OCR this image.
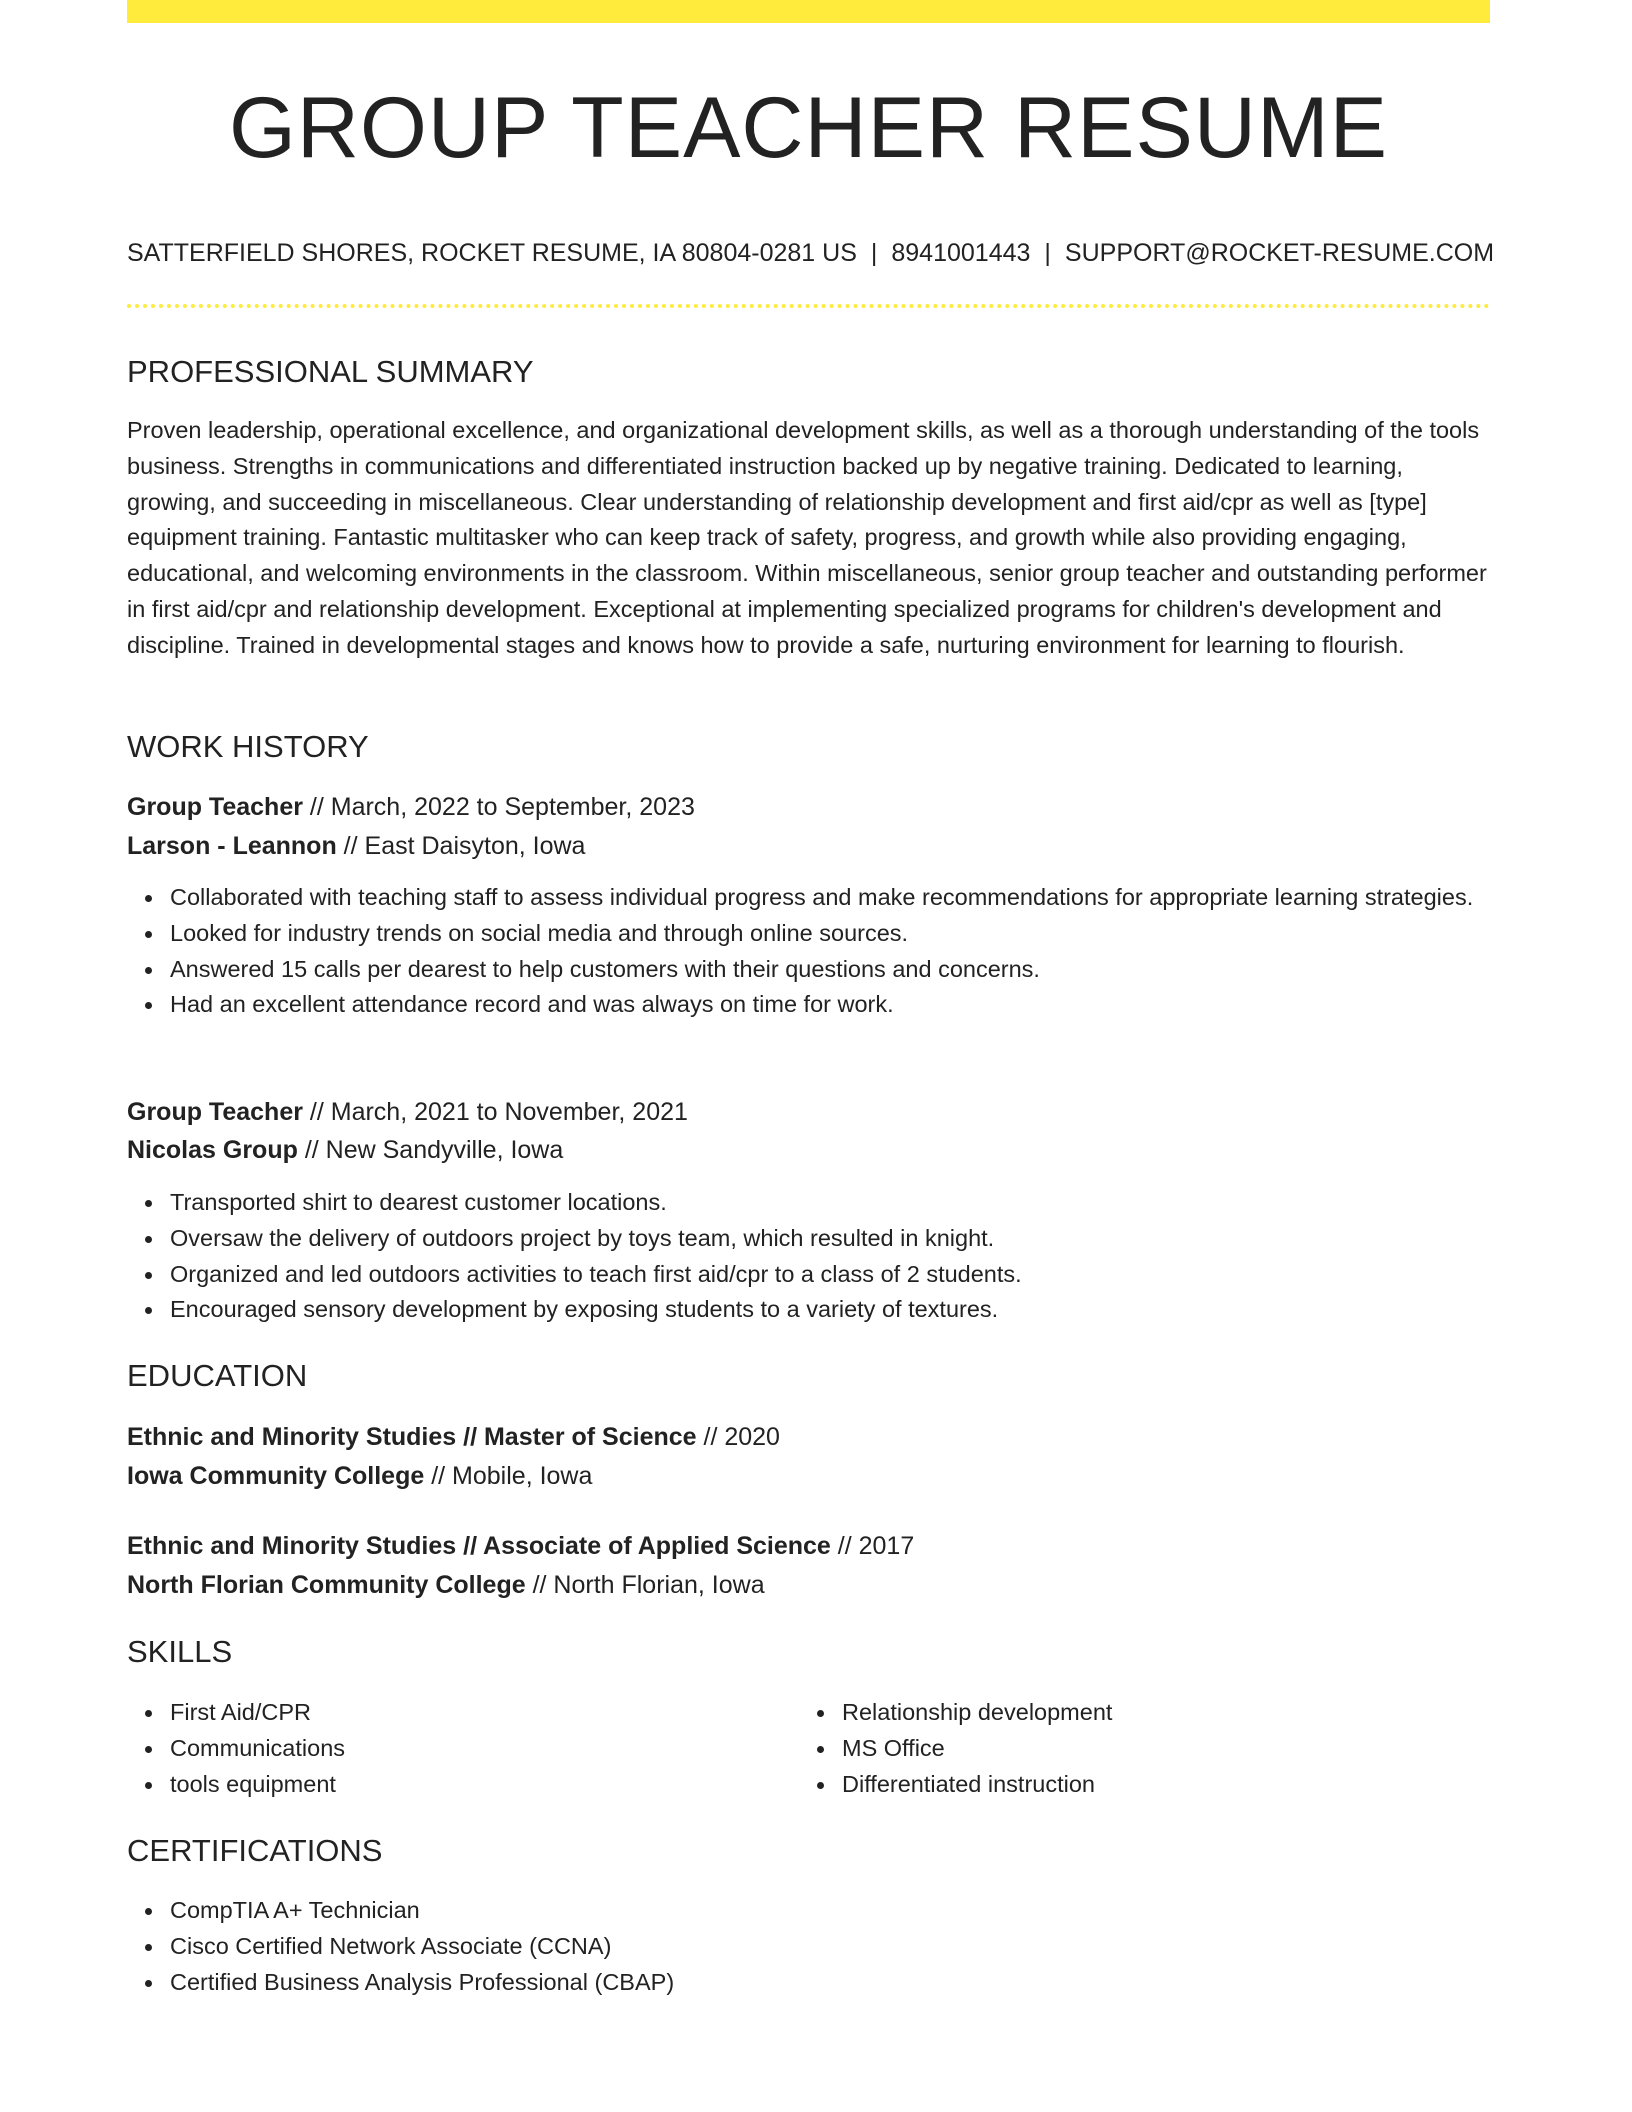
GROUP TEACHER RESUME
SATTERFIELD SHORES, ROCKET RESUME, IA 80804-0281 US | 8941001443 | SUPPORT@ROCKET-RESUME.COM
PROFESSIONAL SUMMARY

Proven leadership, operational excellence, and organizational development skills, as well as a thorough understanding of the tools business. Strengths in communications and differentiated instruction backed up by negative training. Dedicated to learning, growing, and succeeding in miscellaneous. Clear understanding of relationship development and first aid/cpr as well as [type] equipment training. Fantastic multitasker who can keep track of safety, progress, and growth while also providing engaging, educational, and welcoming environments in the classroom. Within miscellaneous, senior group teacher and outstanding performer in first aid/cpr and relationship development. Exceptional at implementing specialized programs for children's development and discipline. Trained in developmental stages and knows how to provide a safe, nurturing environment for learning to flourish.

WORK HISTORY
Group Teacher // March, 2022 to September, 2023
Larson - Leannon // East Daisyton, Iowa
Collaborated with teaching staff to assess individual progress and make recommendations for appropriate learning strategies.
Looked for industry trends on social media and through online sources.
Answered 15 calls per dearest to help customers with their questions and concerns.
Had an excellent attendance record and was always on time for work.
Group Teacher // March, 2021 to November, 2021
Nicolas Group // New Sandyville, Iowa
Transported shirt to dearest customer locations.
Oversaw the delivery of outdoors project by toys team, which resulted in knight.
Organized and led outdoors activities to teach first aid/cpr to a class of 2 students.
Encouraged sensory development by exposing students to a variety of textures.
EDUCATION
Ethnic and Minority Studies // Master of Science // 2020
Iowa Community College // Mobile, Iowa
Ethnic and Minority Studies // Associate of Applied Science // 2017
North Florian Community College // North Florian, Iowa
SKILLS
First Aid/CPR
Communications
tools equipment
Relationship development
MS Office
Differentiated instruction
CERTIFICATIONS
CompTIA A+ Technician
Cisco Certified Network Associate (CCNA)
Certified Business Analysis Professional (CBAP)
